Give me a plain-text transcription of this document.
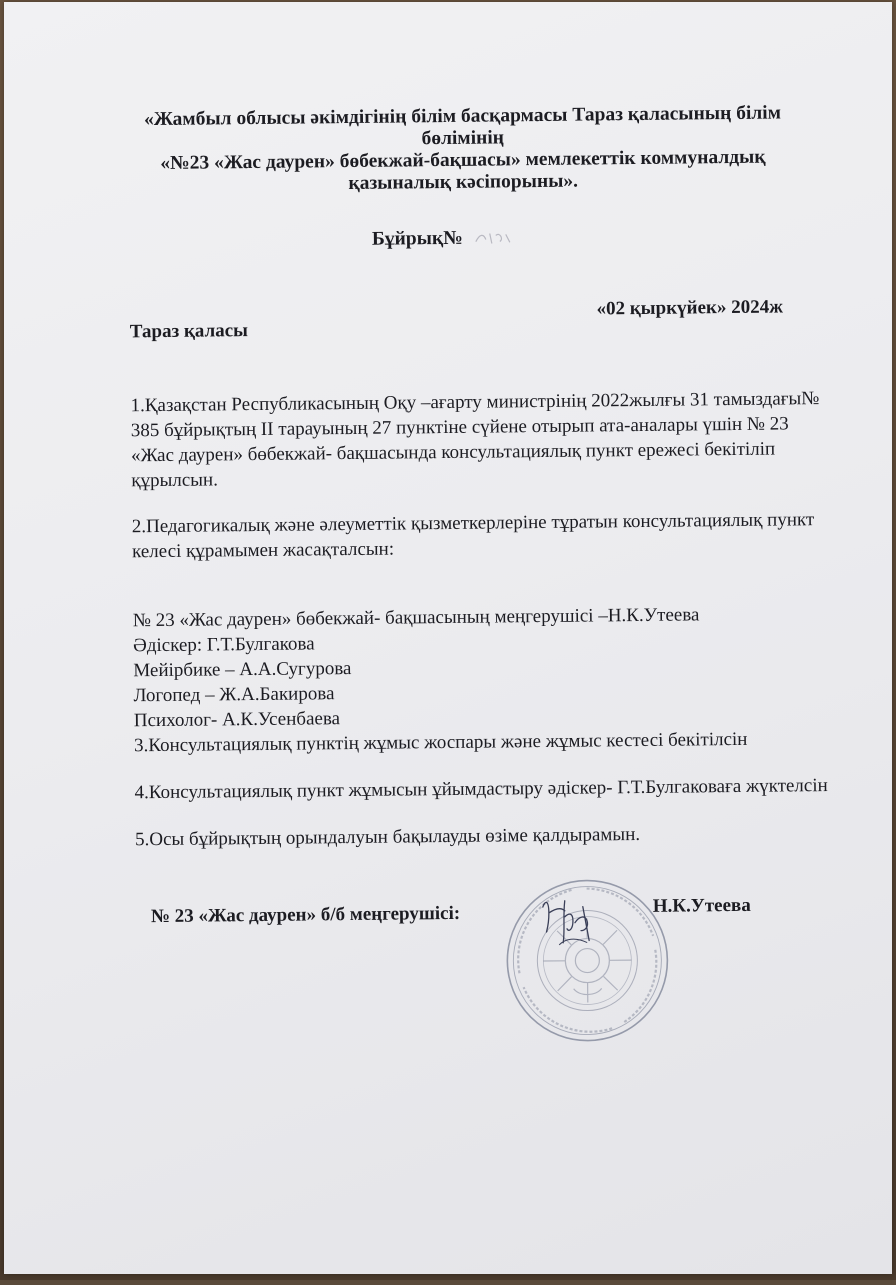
«Жамбыл облысы әкімдігінің білім басқармасы Тараз қаласының білім бөлімінің
«№23 «Жас даурен» бөбекжай-бақшасы» мемлекеттік коммуналдық қазыналық кәсіпорыны».
Бұйрық№
Тараз қаласы
«02 қыркүйек» 2024ж

1.Қазақстан Республикасының Оқу –ағарту министрінің 2022жылғы 31 тамыздағы№ 385 бұйрықтың II тарауының 27 пунктіне сүйене отырып ата-аналары үшін № 23 «Жас даурен» бөбекжай- бақшасында консультациялық пункт ережесі бекітіліп құрылсын.

2.Педагогикалық және әлеуметтік қызметкерлеріне тұратын консультациялық пункт келесі құрамымен жасақталсын:

№ 23 «Жас даурен» бөбекжай- бақшасының меңгерушісі –Н.К.Утеева

Әдіскер: Г.Т.Булгакова

Мейірбике – А.А.Сугурова

Логопед – Ж.А.Бакирова

Психолог- А.К.Усенбаева

3.Консультациялық пунктің жұмыс жоспары және жұмыс кестесі бекітілсін

4.Консультациялық пункт жұмысын ұйымдастыру әдіскер- Г.Т.Булгаковаға жүктелсін

5.Осы бұйрықтың орындалуын бақылауды өзіме қалдырамын.

№ 23 «Жас даурен» б/б меңгерушісі:	Н.К.Утеева
